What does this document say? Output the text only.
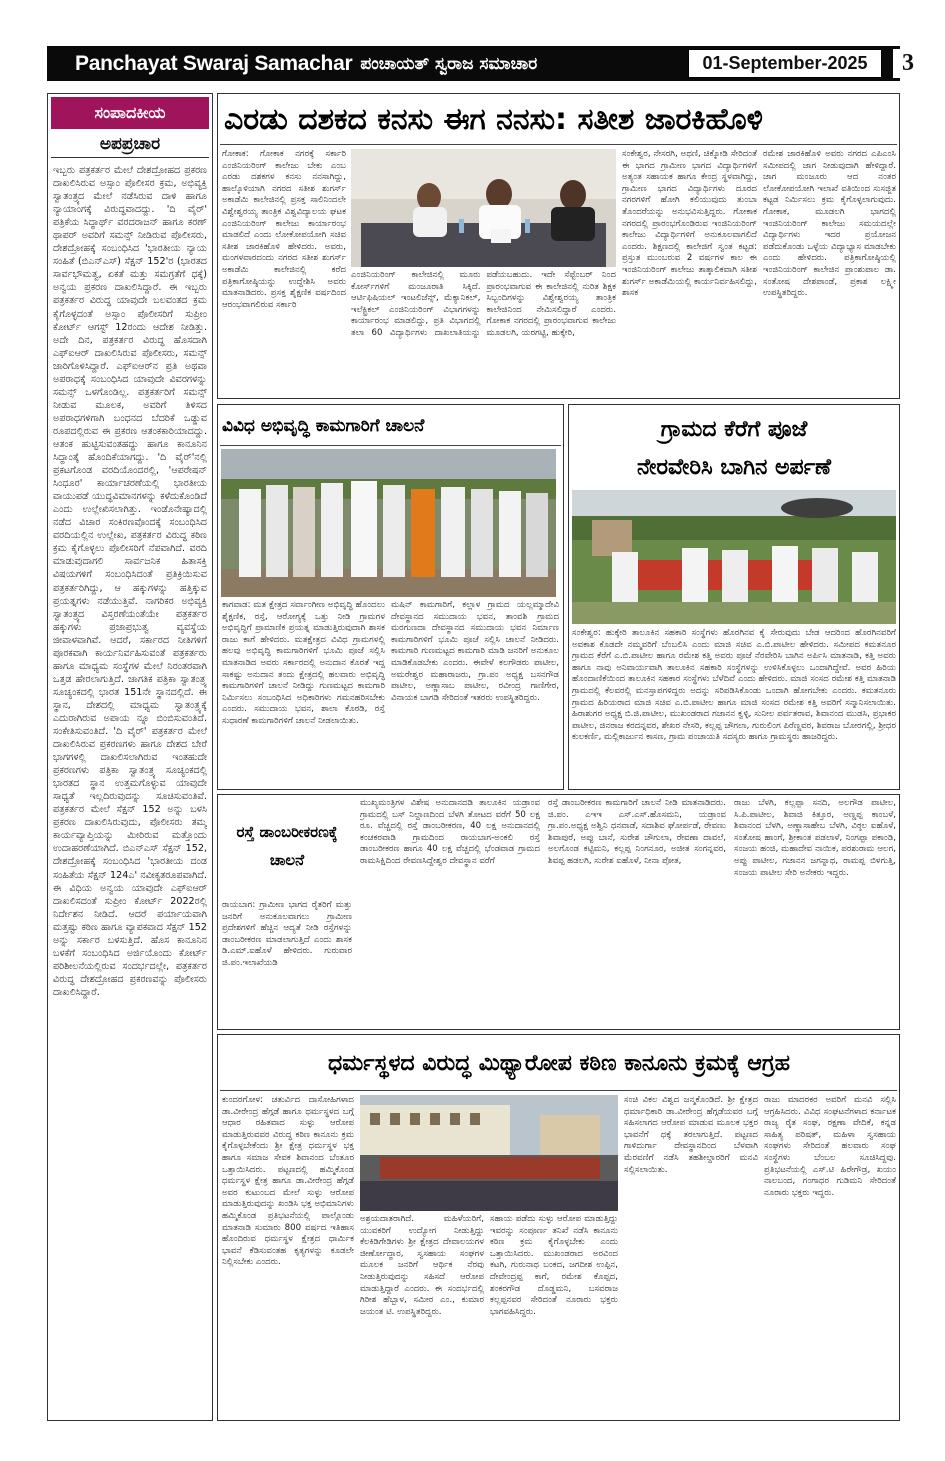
Panchayat Swaraj Samachar ಪಂಚಾಯತ್ ಸ್ವರಾಜ ಸಮಾಚಾರ	01-September-2025	3
ಸಂಪಾದಕೀಯ
ಅಪಪ್ರಚಾರ
ಇಬ್ಬರು ಪತ್ರಕರ್ತರ ಮೇಲೆ ದೇಶದ್ರೋಹದ ಪ್ರಕರಣ ದಾಖಲಿಸಿರುವ ಅಸ್ಸಾಂ ಪೊಲೀಸರ ಕ್ರಮ, ಅಭಿವ್ಯಕ್ತಿ ಸ್ವಾತಂತ್ರ್ಯದ ಮೇಲೆ ನಡೆಸಿರುವ ದಾಳಿ ಹಾಗೂ ನ್ಯಾಯಾಂಗಕ್ಕೆ ವಿರುದ್ಧವಾದದ್ದು. 'ದಿ ವೈರ್' ಪತ್ರಿಕೆಯ ಸಿದ್ಧಾರ್ಥ್ ವರದರಾಜನ್ ಹಾಗೂ ಕರಣ್ ಥಾಪರ್ ಅವರಿಗೆ ಸಮನ್ಸ್ ನೀಡಿರುವ ಪೊಲೀಸರು, ದೇಶದ್ರೋಹಕ್ಕೆ ಸಂಬಂಧಿಸಿದ 'ಭಾರತೀಯ ನ್ಯಾಯ ಸಂಹಿತೆ (ಬಿಎನ್‌ಎಸ್) ಸೆಕ್ಷನ್ 152'ರ (ಭಾರತದ ಸಾರ್ವಭೌಮತ್ವ, ಏಕತೆ ಮತ್ತು ಸಮಗ್ರತೆಗೆ ಧಕ್ಕೆ) ಅನ್ವಯ ಪ್ರಕರಣ ದಾಖಲಿಸಿದ್ದಾರೆ. ಈ ಇಬ್ಬರು ಪತ್ರಕರ್ತರ ವಿರುದ್ಧ ಯಾವುದೇ ಬಲವಂತದ ಕ್ರಮ ಕೈಗೊಳ್ಳದಂತೆ ಅಸ್ಸಾಂ ಪೊಲೀಸರಿಗೆ ಸುಪ್ರೀಂ ಕೋರ್ಟ್ ಆಗಸ್ಟ್ 12ರಂದು ಆದೇಶ ನೀಡಿತ್ತು. ಅದೇ ದಿನ, ಪತ್ರಕರ್ತರ ವಿರುದ್ಧ ಹೊಸದಾಗಿ ಎಫ್‌ಐಆರ್ ದಾಖಲಿಸಿರುವ ಪೊಲೀಸರು, ಸಮನ್ಸ್ ಜಾರಿಗೊಳಿಸಿದ್ದಾರೆ. ಎಫ್‌ಐಆರ್‌ನ ಪ್ರತಿ ಅಥವಾ ಅಪರಾಧಕ್ಕೆ ಸಂಬಂಧಿಸಿದ ಯಾವುದೇ ವಿವರಗಳನ್ನು ಸಮನ್ಸ್ ಒಳಗೊಂಡಿಲ್ಲ. ಪತ್ರಕರ್ತರಿಗೆ ಸಮನ್ಸ್ ನೀಡುವ ಮೂಲಕ, ಅವರಿಗೆ ತಿಳಿಸದ ಅಪರಾಧಗಳಿಗಾಗಿ ಬಂಧನದ ಬೆದರಿಕೆ ಒಡ್ಡುವ ರೂಪದಲ್ಲಿರುವ ಈ ಪ್ರಕರಣ ಆತಂಕಕಾರಿಯಾದದ್ದು. ಆತಂಕ ಹುಟ್ಟಿಸುವಂತಹದ್ದು ಹಾಗೂ ಕಾನೂನಿನ ಸಿದ್ಧಾಂತ್ಕೆ ಹೊಂದಿಕೆಯಾಗದ್ದು. 'ದಿ ವೈರ್'ನಲ್ಲಿ ಪ್ರಕಟಗೊಂಡ ವರದಿಯೊಂದರಲ್ಲಿ, 'ಆಪರೇಷನ್ ಸಿಂಧೂರ' ಕಾರ್ಯಾಚರಣೆಯಲ್ಲಿ ಭಾರತೀಯ ವಾಯುಪಡೆ ಯುದ್ಧವಿಮಾನಗಳನ್ನು ಕಳೆದುಕೊಂಡಿದೆ ಎಂದು ಉಲ್ಲೇಖಿಸಲಾಗಿತ್ತು. ಇಂಡೊನೇಷ್ಯಾದಲ್ಲಿ ನಡೆದ ವಿಚಾರ ಸಂಕಿರಣವೊಂದಕ್ಕೆ ಸಂಬಂಧಿಸಿದ ವರದಿಯಲ್ಲಿನ ಉಲ್ಲೇಖ, ಪತ್ರಕರ್ತರ ವಿರುದ್ಧ ಕಠಿಣ ಕ್ರಮ ಕೈಗೊಳ್ಳಲು ಪೊಲೀಸರಿಗೆ ನೆಪವಾಗಿದೆ. ವರದಿ ಮಾಡುವುದಾಗಲಿ ಸಾರ್ವಜನಿಕ ಹಿತಾಸಕ್ತಿ ವಿಷಯಗಳಿಗೆ ಸಂಬಂಧಿಸಿದಂತೆ ಪ್ರತಿಕ್ರಿಯಿಸುವ ಪತ್ರಕರ್ತರಿಗಿದ್ದು, ಆ ಹಕ್ಕುಗಳನ್ನು ಹತ್ತಿಕ್ಕುವ ಪ್ರಯತ್ನಗಳು ನಡೆಯುತ್ತಿವೆ. ನಾಗರಿಕರ ಅಭಿವ್ಯಕ್ತಿ ಸ್ವಾತಂತ್ರ್ಯದ ವಿಸ್ತರಣೆಯಂತೆಯೇ ಪತ್ರಕರ್ತರ ಹಕ್ಕುಗಳು ಪ್ರಜಾಪ್ರಭುತ್ವ ವ್ಯವಸ್ಥೆಯ ಜೀವಾಳವಾಗಿವೆ. ಆದರೆ, ಸರ್ಕಾರದ ನೀತಿಗಳಿಗೆ ಪೂರಕವಾಗಿ ಕಾರ್ಯನಿರ್ವಹಿಸುವಂತೆ ಪತ್ರಕರ್ತರು ಹಾಗೂ ಮಾಧ್ಯಮ ಸಂಸ್ಥೆಗಳ ಮೇಲೆ ನಿರಂತರವಾಗಿ ಒತ್ತಡ ಹೇರಲಾಗುತ್ತಿದೆ. ಜಾಗತಿಕ ಪತ್ರಿಕಾ ಸ್ವಾತಂತ್ರ್ಯ ಸೂಚ್ಯಂಕದಲ್ಲಿ ಭಾರತ 151ನೇ ಸ್ಥಾನದಲ್ಲಿದೆ. ಈ ಸ್ಥಾನ, ದೇಶದಲ್ಲಿ ಮಾಧ್ಯಮ ಸ್ವಾತಂತ್ರ್ಯಕ್ಕೆ ಎದುರಾಗಿರುವ ಅಪಾಯ ನ್ನೂ ಬಿಂಬಿಸುವಂತಿದೆ. ಸಂಕೇತಿಸುವಂತಿದೆ. 'ದಿ ವೈರ್' ಪತ್ರಕರ್ತರ ಮೇಲೆ ದಾಖಲಿಸಿರುವ ಪ್ರಕರಣಗಳು ಹಾಗೂ ದೇಶದ ಬೇರೆ ಭಾಗಗಳಲ್ಲಿ ದಾಖಲಿಸಲಾಗಿರುವ ಇಂತಹುದೇ ಪ್ರಕರಣಗಳು ಪತ್ರಿಕಾ ಸ್ವಾತಂತ್ರ್ಯ ಸೂಚ್ಯಂಕದಲ್ಲಿ ಭಾರತದ ಸ್ಥಾನ ಉತ್ತಮಗೊಳ್ಳುವ ಯಾವುದೇ ಸಾಧ್ಯತೆ ಇಲ್ಲದಿರುವುದನ್ನು ಸೂಚಿಸುವಂತಿವೆ. ಪತ್ರಕರ್ತರ ಮೇಲೆ ಸೆಕ್ಷನ್ 152 ಅನ್ನು ಬಳಸಿ ಪ್ರಕರಣ ದಾಖಲಿಸಿರುವುದು, ಪೊಲೀಸರು ತಮ್ಮ ಕಾರ್ಯವ್ಯಾಪ್ತಿಯನ್ನು ಮೀರಿರುವ ಮತ್ತೊಂದು ಉದಾಹರಣೆಯಾಗಿದೆ. ಬಿಎನ್‌ಎಸ್ ಸೆಕ್ಷನ್ 152, ದೇಶದ್ರೋಹಕ್ಕೆ ಸಂಬಂಧಿಸಿದ 'ಭಾರತೀಯ ದಂಡ ಸಂಹಿತೆಯ ಸೆಕ್ಷನ್ 124ಎ' ನವೀಕೃತರೂಪವಾಗಿದೆ. ಈ ವಿಧಿಯ ಅನ್ವಯ ಯಾವುದೇ ಎಫ್‌ಐಆರ್ ದಾಖಲಿಸದಂತೆ ಸುಪ್ರೀಂ ಕೋರ್ಟ್ 2022ರಲ್ಲಿ ನಿರ್ದೇಶನ ನೀಡಿದೆ. ಆದರೆ ಪರ್ಯಾಯವಾಗಿ ಮತ್ತಷ್ಟು ಕಠಿಣ ಹಾಗೂ ವ್ಯಾಪಕವಾದ ಸೆಕ್ಷನ್ 152 ಅನ್ನು ಸರ್ಕಾರ ಬಳಸುತ್ತಿದೆ. ಹೊಸ ಕಾನೂನಿನ ಬಳಕೆಗೆ ಸಂಬಂಧಿಸಿದ ಅರ್ಜಿಯೊಂದು ಕೋರ್ಟ್ ಪರಿಶೀಲನೆಯಲ್ಲಿರುವ ಸಂದರ್ಭದಲ್ಲೇ, ಪತ್ರಕರ್ತರ ವಿರುದ್ಧ ದೇಶದ್ರೋಹದ ಪ್ರಕರಣವನ್ನು ಪೊಲೀಸರು ದಾಖಲಿಸಿದ್ದಾರೆ.
ಎರಡು ದಶಕದ ಕನಸು ಈಗ ನನಸು: ಸತೀಶ ಜಾರಕಿಹೊಳಿ
ಗೋಕಾಕ: ಗೋಕಾಕ ನಗರಕ್ಕೆ ಸರ್ಕಾರಿ ಎಂಜಿನಿಯರಿಂಗ್ ಕಾಲೇಜು ಬೇಕು ಎಂಬ ಎರಡು ದಶಕಗಳ ಕನಸು ನನಸಾಗಿದ್ದು, ಹಾಲ್ಕೊಳಿಯಾಗಿ ನಗರದ ಸತೀಶ ಶುಗರ್ಸ್ ಅಕಾಡೆಮಿ ಕಾಲೇಜಿನಲ್ಲಿ ಪ್ರಸಕ್ತ ಸಾಲಿನಿಂದಲೇ ವಿಶ್ವೇಶ್ವರಯ್ಯ ತಾಂತ್ರಿಕ ವಿಶ್ವವಿದ್ಯಾಲಯ ಘಟಕ ಎಂಜಿನಿಯರಿಂಗ್ ಕಾಲೇಜು ಕಾರ್ಯಾರಂಭ ಮಾಡಲಿದೆ ಎಂದು ಲೋಕೋಪಯೋಗಿ ಸಚಿವ ಸತೀಶ ಜಾರಕಿಹೊಳಿ ಹೇಳಿದರು. ಅವರು, ಮಂಗಳವಾರದಂದು ನಗರದ ಸತೀಶ ಶುಗರ್ಸ್ ಅಕಾಡೆಮಿ ಕಾಲೇಜಿನಲ್ಲಿ ಕರೆದ ಪತ್ರಿಕಾಗೋಷ್ಠಿಯನ್ನು ಉದ್ದೇಶಿಸಿ ಅವರು ಮಾತನಾಡಿದರು. ಪ್ರಸಕ್ತ ಶೈಕ್ಷಣಿಕ ವರ್ಷದಿಂದ ಆರಂಭವಾಗಲಿರುವ ಸರ್ಕಾರಿ
ಎಂಜಿನಿಯರಿಂಗ್ ಕಾಲೇಜಿನಲ್ಲಿ ಮೂರು ಕೋರ್ಸ್‌ಗಳಿಗೆ ಮಂಜೂರಾತಿ ಸಿಕ್ಕಿದೆ. ಆರ್ಟಿಫಿಷಿಯಲ್ ಇಂಟಲಿಜೆನ್ಸ್, ಮೆಕ್ಯಾನಿಕಲ್, ಇಲೆಕ್ಟ್ರಿಕಲ್ ಎಂಜಿನಿಯರಿಂಗ್ ವಿಭಾಗಗಳನ್ನು ಕಾರ್ಯಾರಂಭ ಮಾಡಲಿದ್ದು, ಪ್ರತಿ ವಿಭಾಗದಲ್ಲಿ ತಲಾ 60 ವಿದ್ಯಾರ್ಥಿಗಳು ದಾಖಲಾತಿಯನ್ನು ಪಡೆಯಬಹುದು. ಇದೇ ಸೆಪ್ಟೆಂಬರ್ ನಿಂದ ಪ್ರಾರಂಭವಾಗುವ ಈ ಕಾಲೇಜಿನಲ್ಲಿ ನುರಿತ ಶಿಕ್ಷಕ ಸಿಬ್ಬಂದಿಗಳನ್ನು ವಿಶ್ವೇಶ್ವರಯ್ಯ ತಾಂತ್ರಿಕ ಕಾಲೇಜಿನಿಂದ ನೇಮಿಸಲಿದ್ದಾರೆ ಎಂದರು. ಗೋಕಾಕ ನಗರದಲ್ಲಿ ಪ್ರಾರಂಭವಾಗುವ ಕಾಲೇಜು ಮೂಡಲಗಿ, ಯರಗಟ್ಟಿ, ಹುಕ್ಕೇರಿ,
ಸಂಕೇಶ್ವರ, ನೇಸರಗಿ, ಅಥಣಿ, ಚಿಕ್ಕೋಡಿ ಸೇರಿದಂತೆ ಈ ಭಾಗದ ಗ್ರಾಮೀಣ ಭಾಗದ ವಿದ್ಯಾರ್ಥಿಗಳಿಗೆ ಅತ್ಯಂತ ಸಹಾಯಕ ಹಾಗೂ ಕೇಂದ್ರ ಸ್ಥಳವಾಗಿದ್ದು, ಗ್ರಾಮೀಣ ಭಾಗದ ವಿದ್ಯಾರ್ಥಿಗಳು ದೂರದ ನಗರಗಳಿಗೆ ಹೋಗಿ ಕಲಿಯುವುದು ತುಂಬಾ ತೊಂದರೆಯನ್ನು ಅನುಭವಿಸುತ್ತಿದ್ದರು. ಗೋಕಾಕ ನಗರದಲ್ಲಿ ಪ್ರಾರಂಭಗೊಂಡಿರುವ ಇಂಜಿನಿಯರಿಂಗ್ ಕಾಲೇಜು ವಿದ್ಯಾರ್ಥಿಗಳಿಗೆ ಅನುಕೂಲವಾಗಲಿದೆ ಎಂದರು. ಶಿಕ್ಷಣದಲ್ಲಿ ಕಾಲೇಜಿಗೆ ಸ್ವಂತ ಕಟ್ಟಡ: ಪ್ರಸ್ತುತ ಮುಂಬರುವ 2 ವರ್ಷಗಳ ಕಾಲ ಈ ಇಂಜಿನಿಯರಿಂಗ್ ಕಾಲೇಜು ತಾತ್ಕಾಲಿಕವಾಗಿ ಸತೀಶ ಶುಗರ್ಸ್ ಅಕಾಡೆಮಿಯಲ್ಲಿ ಕಾರ್ಯನಿರ್ವಹಿಸಲಿದ್ದು, ಶಾಸಕ
ರಮೇಶ ಜಾರಕಿಹೊಳಿ ಅವರು ನಗರದ ಎಪಿಎಂಸಿ ಸಮೀಪದಲ್ಲಿ ಜಾಗ ನೀಡುವುದಾಗಿ ಹೇಳಿದ್ದಾರೆ. ಜಾಗ ಮಂಜೂರು ಆದ ನಂತರ ಲೋಕೋಪಯೋಗಿ ಇಲಾಖೆ ವತಿಯಿಂದ ಸುಸಜ್ಜಿತ ಕಟ್ಟಡ ನಿರ್ಮಿಸಲು ಕ್ರಮ ಕೈಗೊಳ್ಳಲಾಗುವುದು. ಗೋಕಾಕ, ಮೂಡಲಗಿ ಭಾಗದಲ್ಲಿ ಇಂಜಿನಿಯರಿಂಗ್ ಕಾಲೇಜು ಸಮಯದಲ್ಲೇ ವಿದ್ಯಾರ್ಥಿಗಳು ಇದರ ಪ್ರಯೋಜನ ಪಡೆದುಕೊಂಡು ಒಳ್ಳೆಯ ವಿದ್ಯಾಭ್ಯಾಸ ಮಾಡಬೇಕು ಎಂದು ಹೇಳಿದರು. ಪತ್ರಿಕಾಗೋಷ್ಠಿಯಲ್ಲಿ ಇಂಜಿನಿಯರಿಂಗ್ ಕಾಲೇಜಿನ ಪ್ರಾಂಶುಪಾಲ ಡಾ. ಸಂತೋಷ ದೇಶಪಾಂಡೆ, ಪ್ರಕಾಶ ಲಕ್ಷ್ಮೀ ಉಪಸ್ಥಿತರಿದ್ದರು.
ವಿವಿಧ ಅಭಿವೃದ್ಧಿ ಕಾಮಗಾರಿಗೆ ಚಾಲನೆ
ಕಾಗವಾಡ: ಮತ ಕ್ಷೇತ್ರದ ಸರ್ವಾಂಗೀಣ ಅಭಿವೃದ್ಧಿ ಹೊಂದಲು ಶೈಕ್ಷಣಿಕ, ರಸ್ತೆ, ಆರೋಗ್ಯಕ್ಕೆ ಒತ್ತು ನೀಡಿ ಗ್ರಾಮಗಳ ಅಭಿವೃದ್ಧಿಗೆ ಪ್ರಾಮಾಣಿಕ ಪ್ರಯತ್ನ ಮಾಡುತ್ತಿರುವುದಾಗಿ ಶಾಸಕ ರಾಜು ಕಾಗೆ ಹೇಳಿದರು. ಮತಕ್ಷೇತ್ರದ ವಿವಿಧ ಗ್ರಾಮಗಳಲ್ಲಿ ಹಲವು ಅಭಿವೃದ್ಧಿ ಕಾಮಗಾರಿಗಳಿಗೆ ಭೂಮಿ ಪೂಜೆ ಸಲ್ಲಿಸಿ ಮಾತನಾಡಿದ ಅವರು ಸರ್ಕಾರದಲ್ಲಿ ಅನುದಾನ ಕೊರತೆ ಇದ್ದ ಸಾಕಷ್ಟು ಅನುದಾನ ತಂದು ಕ್ಷೇತ್ರದಲ್ಲಿ ಹಲವಾರು ಅಭಿವೃದ್ಧಿ ಕಾಮಗಾರಿಗಳಿಗೆ ಚಾಲನೆ ನೀಡಿದ್ದು ಗುಣಮಟ್ಟದ ಕಾಮಗಾರಿ ನಿರ್ಮಿಸಲು ಸಂಬಂಧಿಸಿದ ಅಧಿಕಾರಿಗಳು ಗಮನಹರಿಸಬೇಕು ಎಂದರು. ಸಮುದಾಯ ಭವನ, ಶಾಲಾ ಕೊಠಡಿ, ರಸ್ತೆ ಸುಧಾರಣೆ ಕಾಮಗಾರಿಗಳಿಗೆ ಚಾಲನೆ ನೀಡಲಾಯಿತು.
ಮಷಿನ್ ಕಾಮಗಾರಿಗೆ, ಕಲ್ಲಾಳ ಗ್ರಾಮದ ಯಲ್ಲಮ್ಮಾದೇವಿ ದೇವಸ್ಥಾನದ ಸಮುದಾಯ ಭವನ, ತಾಂವಶಿ ಗ್ರಾಮದ ಮರಗುಣದಾ ದೇವಸ್ಥಾನದ ಸಮುದಾಯ ಭವನ ನಿರ್ಮಾಣ ಕಾಮಗಾರಿಗಳಿಗೆ ಭೂಮಿ ಪೂಜೆ ಸಲ್ಲಿಸಿ ಚಾಲನೆ ನೀಡಿದರು. ಕಾಮಗಾರಿ ಗುಣಮಟ್ಟದ ಕಾಮಗಾರಿ ಮಾಡಿ ಜನರಿಗೆ ಅನುಕೂಲ ಮಾಡಿಕೊಡಬೇಕು ಎಂದರು. ಈವೇಳೆ ಕಲಗೌಡರು ಪಾಟೀಲ, ಅಮರೇಶ್ವರ ಮಹಾರಾಜರು, ಗ್ರಾ.ಪಂ ಅಧ್ಯಕ್ಷ ಬಸನಗೌಡ ಪಾಟೀಲ, ಅಣ್ಣಾಸಾಬ ಪಾಟೀಲ, ರವೀಂದ್ರ ಗಾಣಿಗೇರ, ವಿನಾಯಕ ಬಾಗಡಿ ಸೇರಿದಂತೆ ಇತರರು ಉಪಸ್ಥಿತರಿದ್ದರು.
ಗ್ರಾಮದ ಕೆರೆಗೆ ಪೂಜೆ
ನೇರವೇರಿಸಿ ಬಾಗಿನ ಅರ್ಪಣೆ
ಸಂಕೇಶ್ವರ: ಹುಕ್ಕೇರಿ ತಾಲೂಕಿನ ಸಹಕಾರಿ ಸಂಸ್ಥೆಗಳು ಹೊರಗಿನವ ಕೈ ಸೇರುವುದು ಬೇಡ ಆದರಿಂದ ಹೊರಗಿನವರಿಗೆ ಅವಕಾಶ ಕೊಡದೇ ನಮ್ಮವರಿಗೆ ಬೆಂಬಲಿಸಿ ಎಂದು ಮಾಜಿ ಸಚಿವ ಎ.ಬಿ.ಪಾಟೀಲ ಹೇಳಿದರು. ಸಮೀಪದ ಕಮತನೂರ ಗ್ರಾಮದ ಕೆರೆಗೆ ಎ.ಬಿ.ಪಾಟೀಲ ಹಾಗೂ ರಮೇಶ ಕತ್ತಿ ಅವರು ಪೂಜೆ ನೆರವೇರಿಸಿ ಬಾಗಿನ ಅರ್ಪಿಸಿ ಮಾತನಾಡಿ, ಕತ್ತಿ ಅವರು ಹಾಗೂ ನಾವು ಅನಿವಾರ್ಯವಾಗಿ ತಾಲೂಕಿನ ಸಹಕಾರಿ ಸಂಸ್ಥೆಗಳನ್ನು ಉಳಿಸಿಕೊಳ್ಳಲು ಒಂದಾಗಿದ್ದೇವೆ. ಅವರ ಹಿರಿಯ ಹೊಂದಾಣಿಕೆಯಿಂದ ತಾಲೂಕಿನ ಸಹಕಾರ ಸಂಸ್ಥೆಗಳು ಬೆಳೆದಿವೆ ಎಂದು ಹೇಳಿದರು. ಮಾಜಿ ಸಂಸದ ರಮೇಶ ಕತ್ತಿ ಮಾತನಾಡಿ ಗ್ರಾಮದಲ್ಲಿ ಕೆಲವರಲ್ಲಿ ಮನಸ್ತಾಪಗಳಿದ್ದರು ಅದನ್ನು ಸರಿಪಡಿಸಿಕೊಂಡು ಒಂದಾಗಿ ಹೋಗಬೇಕು ಎಂದರು. ಕಮತನೂರು ಗ್ರಾಮದ ಹಿರಿಯರಾದ ಮಾಜಿ ಸಚಿವ ಎ.ಬಿ.ಪಾಟೀಲ ಹಾಗೂ ಮಾಜಿ ಸಂಸದ ರಮೇಶ ಕತ್ತಿ ಅವರಿಗೆ ಸನ್ಮಾನಿಸಲಾಯಿತು. ಹಿರಾಶುಗರ ಅಧ್ಯಕ್ಷ ಬಿ.ಜಿ.ಪಾಟೀಲ, ಮುಖಂಡರಾದ ಗಜಾನನ ಕ್ವಳ್ಳಿ, ಸುನೀಲ ಪರ್ವತರಾವ, ಶಿವಾನಂದ ಮುಡಸಿ, ಪ್ರಭಾಕರ ಪಾಟೀಲ, ಜಿನರಾಜ ಕರದನ್ನವರ, ಶೇಖರ ನೇಸರಿ, ಕಲ್ಲಪ್ಪ ಚೌಗಲಾ, ಗುರುಲಿಂಗ ಪಿರೆಣ್ಣವರ, ಶಿವರಾಜ ಬೋರಗಲ್ಲಿ, ಶ್ರೀಧರ ಕುಲಕರ್ಣಿ, ಮಲ್ಲಿಕಾರ್ಜುನ ಕಾಸಣ, ಗ್ರಾಮ ಪಂಚಾಯತಿ ಸದಸ್ಯರು ಹಾಗೂ ಗ್ರಾಮಸ್ಥರು ಹಾಜರಿದ್ದರು.
ರಸ್ತೆ ಡಾಂಬರೀಕರಣಕ್ಕೆ
ಚಾಲನೆ
ರಾಯಬಾಗ: ಗ್ರಾಮೀಣ ಭಾಗದ ರೈತರಿಗೆ ಮತ್ತು ಜನರಿಗೆ ಅನುಕೂಲವಾಗಲು ಗ್ರಾಮೀಣ ಪ್ರದೇಶಗಳಿಗೆ ಹೆಚ್ಚಿನ ಆದ್ಯತೆ ನೀಡಿ ರಸ್ತೆಗಳನ್ನು ಡಾಂಬರೀಕರಣ ಮಾಡಲಾಗುತ್ತಿದೆ ಎಂದು ಶಾಸಕ ಡಿ.ಎಮ್.ಐಹೊಳೆ ಹೇಳಿದರು. ಗುರುವಾರ ಜಿ.ಪಂ.ಇಲಾಖೆಯಡಿ
ಮುಖ್ಯಮಂತ್ರಿಗಳ ವಿಶೇಷ ಅನುದಾನದಡಿ ತಾಲೂಕಿನ ಯಡ್ರಾಂವ ಗ್ರಾಮದಲ್ಲಿ ಬಸ್ ನಿಲ್ದಾಣದಿಂದ ಬೆಳಗಿ ತೋಟದ ವರೆಗೆ 50 ಲಕ್ಷ ರೂ. ವೆಚ್ಚದಲ್ಲಿ ರಸ್ತೆ ಡಾಂಬರೀಕರಣ, 40 ಲಕ್ಷ ಅನುದಾನದಲ್ಲಿ ಕಂಚಕರವಾಡಿ ಗ್ರಾಮದಿಂದ ರಾಯಬಾಗ-ಅಂಕಲಿ ರಸ್ತೆ ಡಾಂಬರೀಕರಣ ಹಾಗೂ 40 ಲಕ್ಷ ವೆಚ್ಚದಲ್ಲಿ ಭೆಂಡವಾಡ ಗ್ರಾಮದ ರಾಮಸಿಕ್ಷಿದಿಂದ ರೇವಣಸಿದ್ದೇಶ್ವರ ದೇವಸ್ಥಾನ ವರೆಗೆ
ರಸ್ತೆ ಡಾಂಬರೀಕರಣ ಕಾಮಗಾರಿಗೆ ಚಾಲನೆ ನೀಡಿ ಮಾತನಾಡಿದರು. ಜಿ.ಪಂ. ಎಇಇ ಎಸ್.ಎಸ್.ಹೊಸಮನಿ, ಯಡ್ರಾಂವ ಗ್ರಾ.ಪಂ.ಅಧ್ಯಕ್ಷ ಅಶ್ವಿನಿ ಧನವಾಡೆ, ಸದಾಶಿವ ಘೋರ್ಪಡೆ, ರೇವಣು ಶಿವಾಪುರೆ, ಅಪ್ಪು ಬಾನೆ, ಸುರೇಶ ಚೌಗುಲಾ, ರೇವಣಾ ದಾವಲೆ, ಅಲಗೊಂಡ ಕಟ್ಟಿಮನಿ, ಕಲ್ಲಪ್ಪ ನಿಂಗನೂರ, ಅಜೀತ ಸಂಗನ್ನವರ, ಶಿವಪ್ಪ ಹಡಲಗಿ, ಸುರೇಶ ಐಹೊಳೆ, ನೀನಾ ಪೋತ,
ರಾಜು ಬೆಳಗಿ, ಕಲ್ಲಪ್ಪಾ ಸನದಿ, ಅಲಗೌಡ ಪಾಟೀಲ, ಸಿ.ಪಿ.ಪಾಟೀಲ, ಶಿವಾಜಿ ಕಿತ್ತೂರ, ಅಣ್ಣಪ್ಪ ಕಾಂಬಳೆ, ಶಿವಾನಂದ ಬೆಳಗಿ, ಅಣ್ಣಾಸಾಹೇಬ ಬೆಳಗಿ, ವಿಠ್ಠಲ ಐಹೊಳೆ, ಸಂತೋಷ ಹಾಂಗೆ, ಶ್ರೀಕಾಂತ ಪಡಲಾಳೆ, ನಿಂಗಪ್ಪಾ ಪಕಾಂಡಿ, ಸಂಜಯ ಹಂಜಿ, ಮಹಾದೇವ ನಾಯಿಕ, ಪರಶುರಾಮ ಆಲಗ, ಅಪ್ಪು ಪಾಟೀಲ, ಗಜಾನನ ಜಗನ್ನಾಥ, ರಾಮಪ್ಪ ಬಿಳಗುತ್ತಿ, ಸಂಜಯ ಪಾಟೀಲ ಸೇರಿ ಅನೇಕರು ಇದ್ದರು.
ಧರ್ಮಸ್ಥಳದ ವಿರುದ್ಧ ಮಿಥ್ಯಾರೋಪ ಕಠಿಣ ಕಾನೂನು ಕ್ರಮಕ್ಕೆ ಆಗ್ರಹ
ಕುಂದರಗೋಳ: ಚತುರ್ವಿದ ದಾಸೋಹಿಗಳಾದ ಡಾ.ವೀರೇಂದ್ರ ಹೆಗ್ಗಡೆ ಹಾಗೂ ಧರ್ಮಸ್ಥಳದ ಬಗ್ಗೆ ಆಧಾರ ರಹಿತವಾದ ಸುಳ್ಳು ಆರೋಪ ಮಾಡುತ್ತಿರುವವರ ವಿರುದ್ಧ ಕಠಿಣ ಕಾನೂನು ಕ್ರಮ ಕೈಗೊಳ್ಳಬೇಕೆಂದು ಶ್ರೀ ಕ್ಷೇತ್ರ ಧರ್ಮಸ್ಥಳ ಭಕ್ತ ಹಾಗೂ ಸಮಾಜ ಸೇವಕ ಶಿವಾನಂದ ಬೆಂತೂರ ಒತ್ತಾಯಿಸಿದರು. ಪಟ್ಟಣದಲ್ಲಿ ಹಮ್ಮಿಕೊಂಡ ಧರ್ಮಸ್ಥಳ ಕ್ಷೇತ್ರ ಹಾಗೂ ಡಾ.ವೀರೇಂದ್ರ ಹೆಗ್ಗಡೆ ಅವರ ಕುಟುಂಬದ ಮೇಲೆ ಸುಳ್ಳು ಆರೋಪ ಮಾಡುತ್ತಿರುವುದನ್ನು ಖಂಡಿಸಿ ಭಕ್ತ ಅಭಿಮಾನಿಗಳು ಹಮ್ಮಿಕೊಂಡ ಪ್ರತಿಭಟನೆಯಲ್ಲಿ ಪಾಲ್ಗೊಂಡು ಮಾತನಾಡಿ ಸುಮಾರು 800 ವರ್ಷದ ಇತಿಹಾಸ ಹೊಂದಿರುವ ಧರ್ಮಸ್ಥಳ ಕ್ಷೇತ್ರದ ಧಾರ್ಮಿಕ ಭಾವನೆ ಕೆಡಿಸುವಂತಹ ಕೃತ್ಯಗಳನ್ನು ಕೂಡಲೇ ನಿಲ್ಲಿಸಬೇಕು ಎಂದರು.
ಅಶ್ರಯದಾತರಾಗಿದೆ. ಮಹಿಳೆಯರಿಗೆ, ಯುವಕರಿಗೆ ಉದ್ಯೋಗ ನೀಡುತ್ತಿದ್ದು ಕೆಲಕಿಡಿಗೇಡಿಗಳು ಶ್ರೀ ಕ್ಷೇತ್ರದ ದೇವಾಲಯಗಳ ಜೀರ್ಣೋದ್ಧಾರ, ಸ್ವಸಹಾಯ ಸಂಘಗಳ ಮೂಲಕ ಜನರಿಗೆ ಆರ್ಥಿಕ ನೆರವು ನೀಡುತ್ತಿರುವುದನ್ನು ಸಹಿಸದೆ ಆರೋಪ ಮಾಡುತ್ತಿದ್ದಾರೆ ಎಂದರು. ಈ ಸಂದರ್ಭದಲ್ಲಿ ಗಿರೀಶ ಹೆಬ್ಬಾಳ, ಸಮೀರ ಎಂ., ಕುಮಾರ ಜಯಂತ ಟಿ. ಉಪಸ್ಥಿತರಿದ್ದರು.
ಸಹಾಯ ಪಡೆದು ಸುಳ್ಳು ಆರೋಪ ಮಾಡುತ್ತಿದ್ದು ಇವರನ್ನು ಸಂಪೂರ್ಣ ತನಿಖೆ ನಡೆಸಿ ಕಾನೂನು ಕಠಿಣ ಕ್ರಮ ಕೈಗೊಳ್ಳಬೇಕು ಎಂದು ಒತ್ತಾಯಿಸಿದರು. ಮುಖಂಡರಾದ ಅರವಿಂದ ಕಟಗಿ, ಗುರುನಾಥ ಬಂಕದ, ಜಗದೀಶ ಉಪ್ಪಿನ, ದೇವೇಂದ್ರಪ್ಪ ಕಾಗೆ, ರಮೇಶ ಕೊಪ್ಪದ, ಶಂಕರಗೌಡ ದೊಡ್ಡಮನಿ, ಬಸವರಾಜ ಕಲ್ಲಪ್ಪನವರ ಸೇರಿದಂತೆ ನೂರಾರು ಭಕ್ತರು ಭಾಗವಹಿಸಿದ್ದರು.
ಸಂಚಿ ವಿಕಲ ವಿಶ್ವದ ಜನ್ಮಕೊಂಡಿದೆ. ಶ್ರೀ ಕ್ಷೇತ್ರದ ಧರ್ಮಾಧಿಕಾರಿ ಡಾ.ವೀರೇಂದ್ರ ಹೆಗ್ಗಡೆಯವರ ಬಗ್ಗೆ ಸಹಿಸಲಾಗದ ಆರೋಪ ಮಾಡುವ ಮೂಲಕ ಭಕ್ತರ ಭಾವನೆಗೆ ಧಕ್ಕೆ ತರಲಾಗುತ್ತಿದೆ. ಪಟ್ಟಣದ ಗಾಳಿದುರ್ಗಾ ದೇವಸ್ಥಾನದಿಂದ ಬೆಳವಾಗಿ ಮೆರವಣಿಗೆ ನಡೆಸಿ ತಹಶೀಲ್ದಾರರಿಗೆ ಮನವಿ ಸಲ್ಲಿಸಲಾಯಿತು.
ರಾಜು ಮಾದರಕರ ಅವರಿಗೆ ಮನವಿ ಸಲ್ಲಿಸಿ ಆಗ್ರಹಿಸಿದರು. ವಿವಿಧ ಸಂಘಟನೆಗಳಾದ ಕರ್ನಾಟಕ ರಾಜ್ಯ ರೈತ ಸಂಘ, ರಕ್ಷಣಾ ವೇದಿಕೆ, ಕನ್ನಡ ಸಾಹಿತ್ಯ ಪರಿಷತ್, ಮಹಿಳಾ ಸ್ವಸಹಾಯ ಸಂಘಗಳು ಸೇರಿದಂತೆ ಹಲವಾರು ಸಂಘ ಸಂಸ್ಥೆಗಳು ಬೆಂಬಲ ಸೂಚಿಸಿದ್ದವು. ಪ್ರತಿಭಟನೆಯಲ್ಲಿ ಎಸ್.ಟಿ ಹಿರೇಗೌಡ್ರ, ಖಯಂ ನಾಲಬಂದ, ಗಂಗಾಧರ ಗುಡಿಮನಿ ಸೇರಿದಂತೆ ನೂರಾರು ಭಕ್ತರು ಇದ್ದರು.
